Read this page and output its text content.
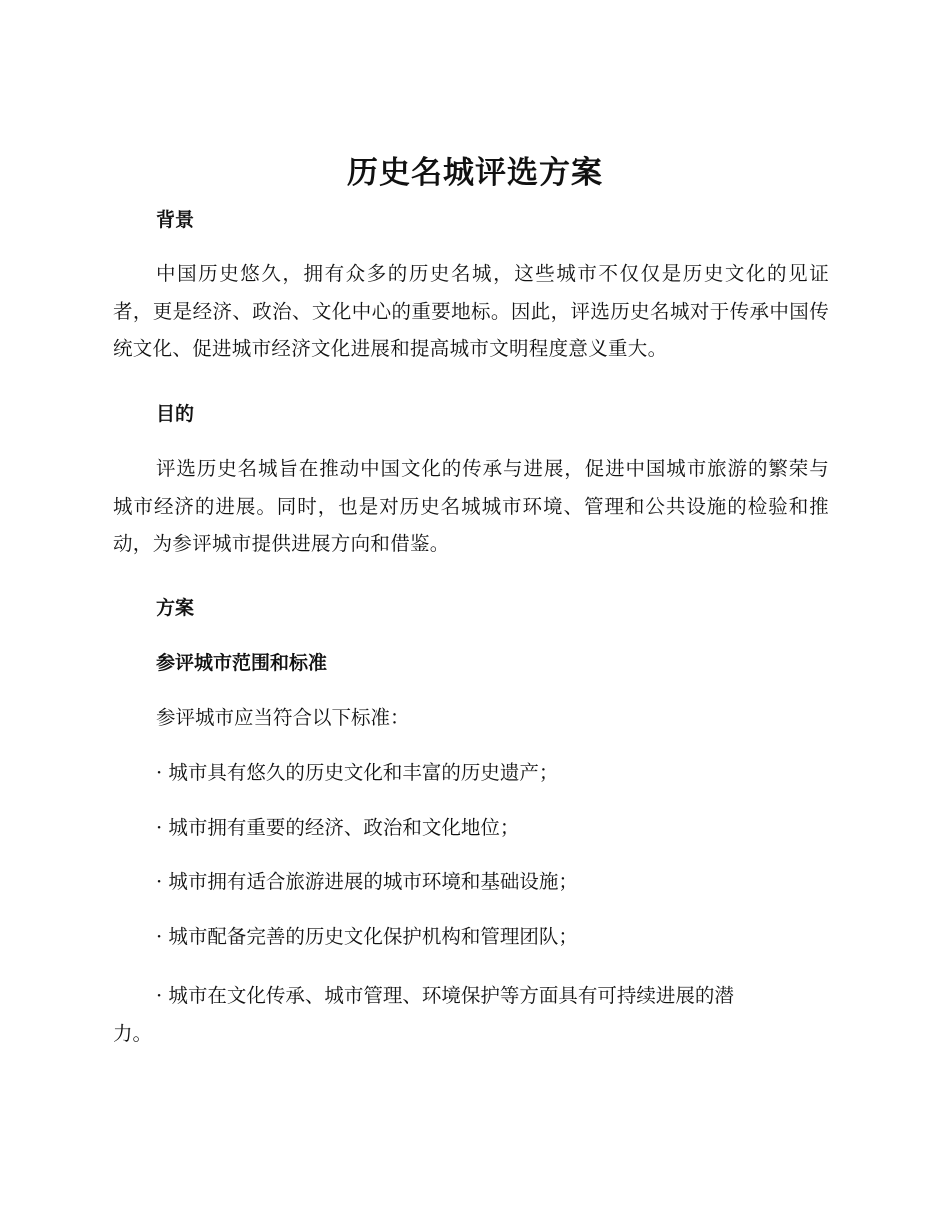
历史名城评选方案
背景
中国历史悠久，拥有众多的历史名城，这些城市不仅仅是历史文化的见证者，更是经济、政治、文化中心的重要地标。因此，评选历史名城对于传承中国传统文化、促进城市经济文化进展和提高城市文明程度意义重大。
目的
评选历史名城旨在推动中国文化的传承与进展，促进中国城市旅游的繁荣与城市经济的进展。同时，也是对历史名城城市环境、管理和公共设施的检验和推动，为参评城市提供进展方向和借鉴。
方案
参评城市范围和标准
参评城市应当符合以下标准：
· 城市具有悠久的历史文化和丰富的历史遗产；
· 城市拥有重要的经济、政治和文化地位；
· 城市拥有适合旅游进展的城市环境和基础设施；
· 城市配备完善的历史文化保护机构和管理团队；
· 城市在文化传承、城市管理、环境保护等方面具有可持续进展的潜
力。
